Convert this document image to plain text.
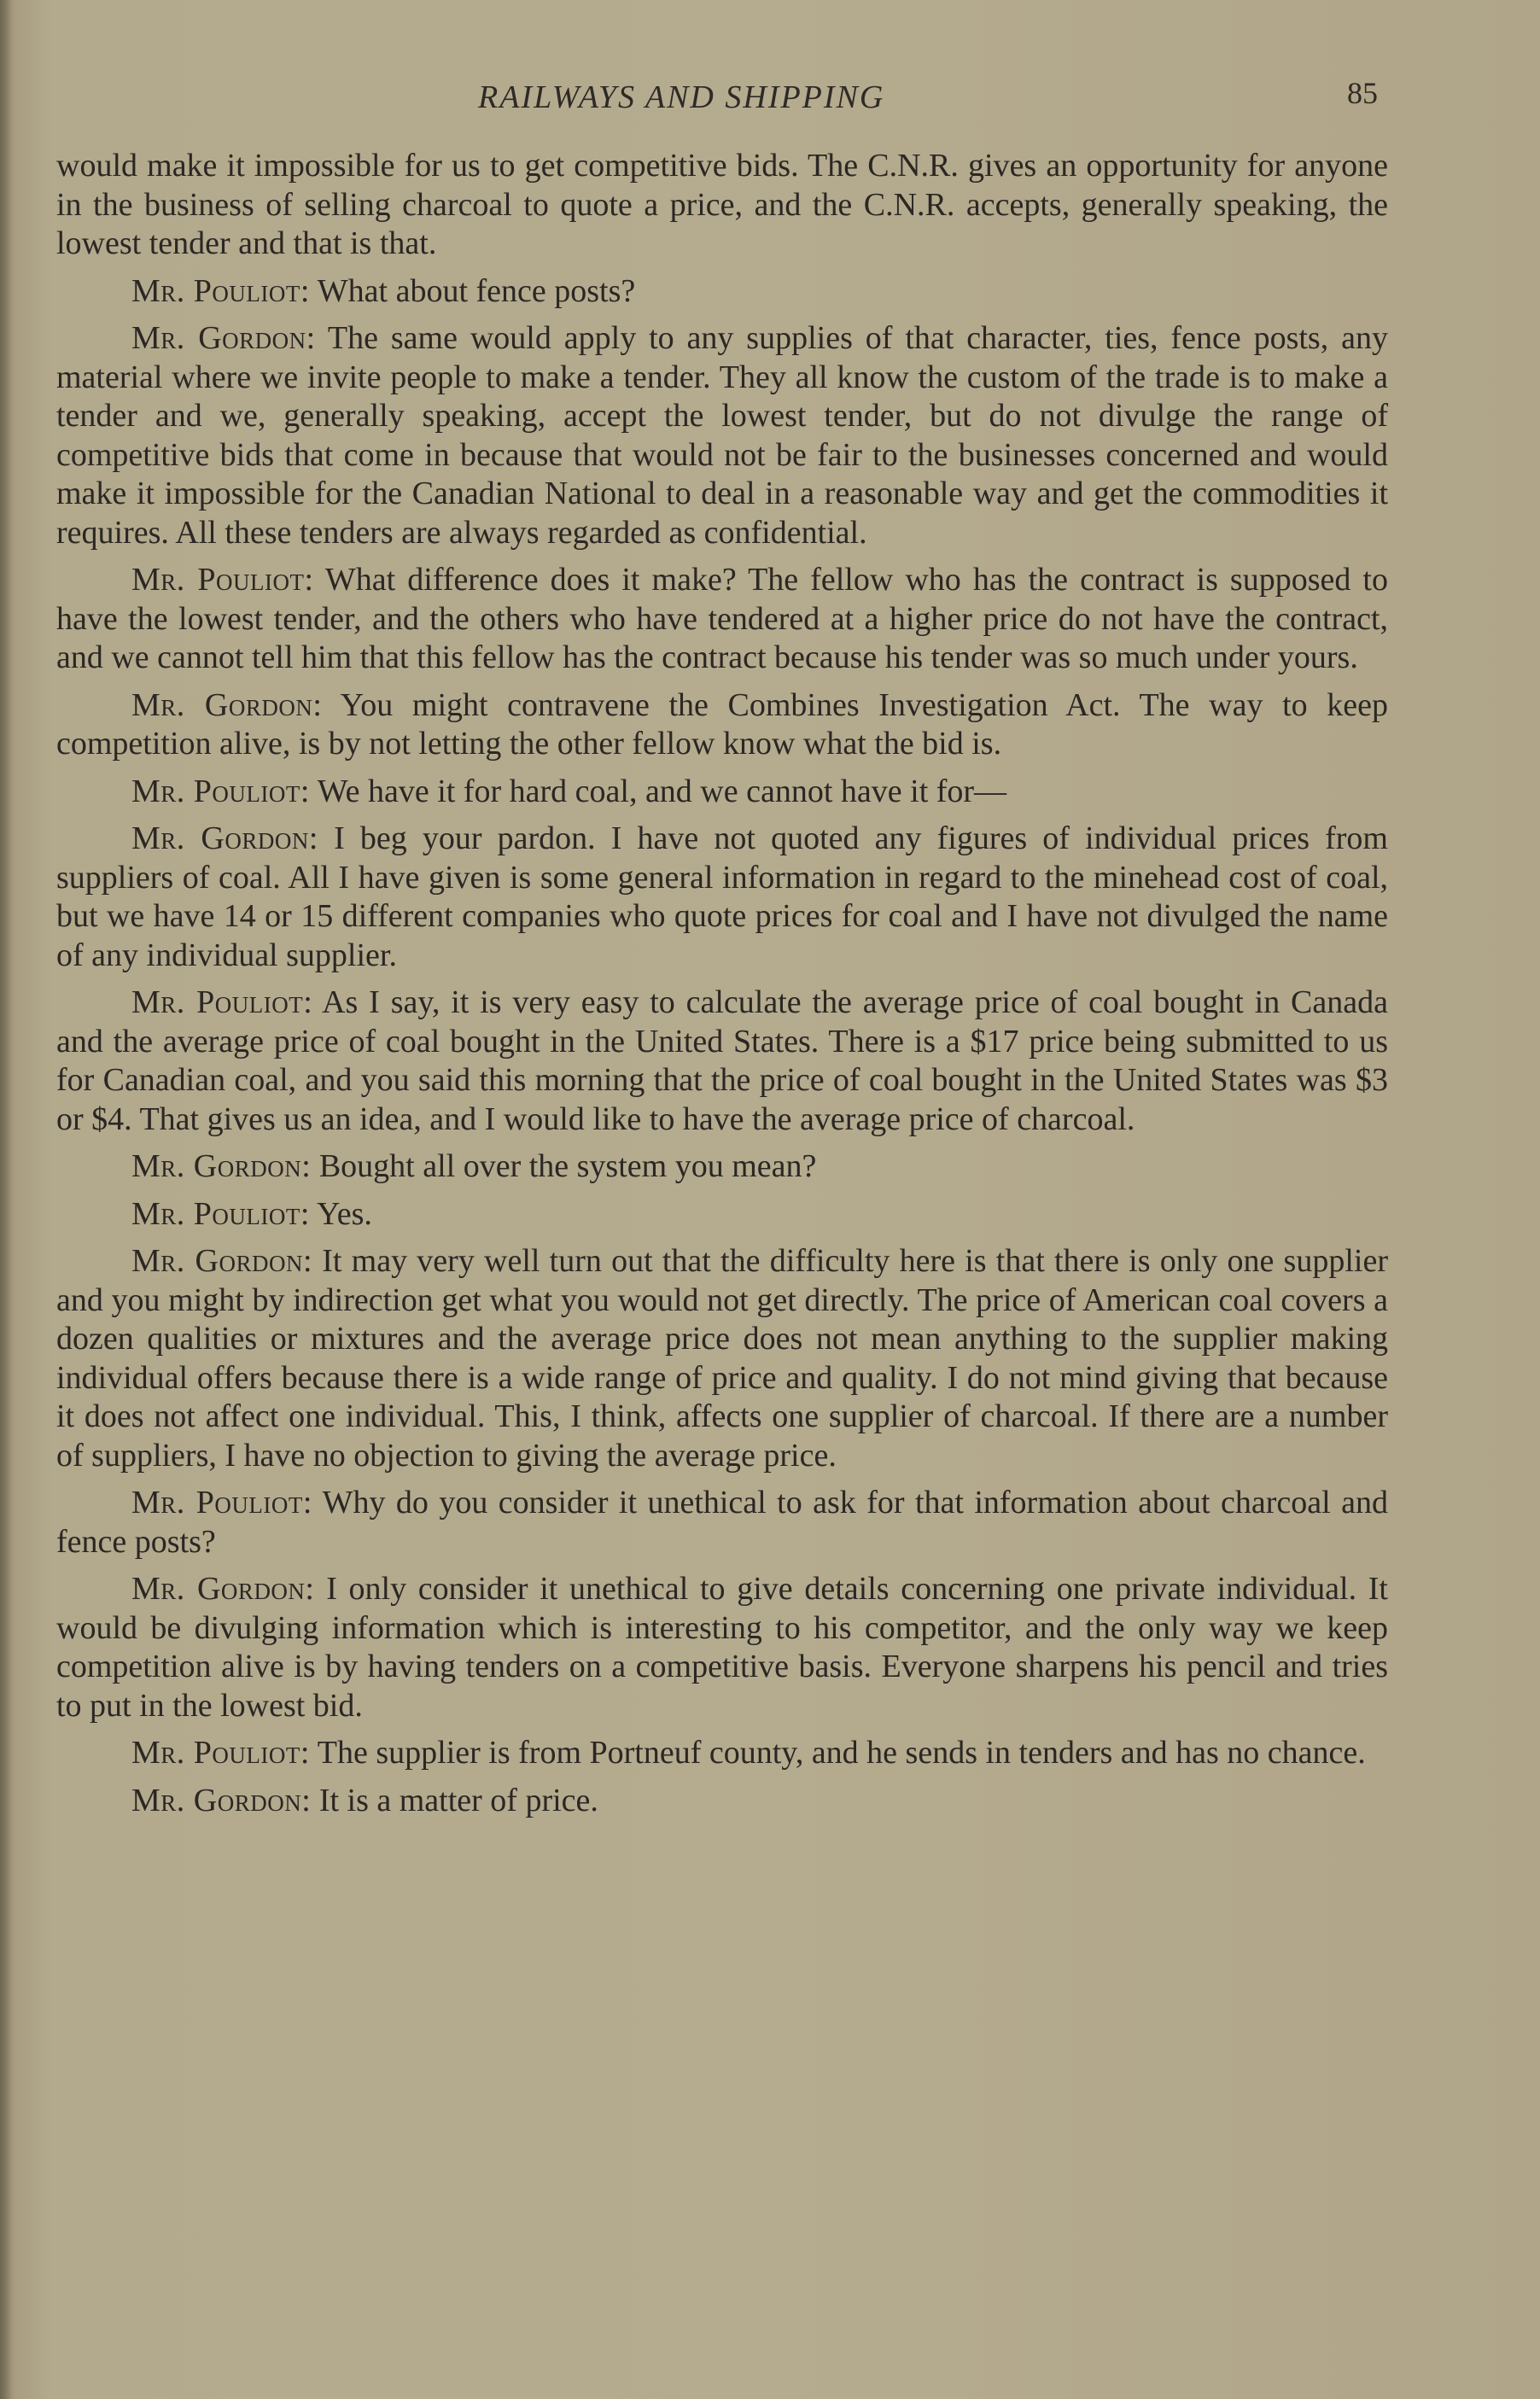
RAILWAYS AND SHIPPING	85

would make it impossible for us to get competitive bids. The C.N.R. gives an opportunity for anyone in the business of selling charcoal to quote a price, and the C.N.R. accepts, generally speaking, the lowest tender and that is that.

Mr. Pouliot: What about fence posts?

Mr. Gordon: The same would apply to any supplies of that character, ties, fence posts, any material where we invite people to make a tender. They all know the custom of the trade is to make a tender and we, generally speaking, accept the lowest tender, but do not divulge the range of competitive bids that come in because that would not be fair to the businesses concerned and would make it impossible for the Canadian National to deal in a reasonable way and get the commodities it requires. All these tenders are always regarded as confidential.

Mr. Pouliot: What difference does it make? The fellow who has the contract is supposed to have the lowest tender, and the others who have tendered at a higher price do not have the contract, and we cannot tell him that this fellow has the contract because his tender was so much under yours.

Mr. Gordon: You might contravene the Combines Investigation Act. The way to keep competition alive, is by not letting the other fellow know what the bid is.

Mr. Pouliot: We have it for hard coal, and we cannot have it for—

Mr. Gordon: I beg your pardon. I have not quoted any figures of individual prices from suppliers of coal. All I have given is some general information in regard to the minehead cost of coal, but we have 14 or 15 different companies who quote prices for coal and I have not divulged the name of any individual supplier.

Mr. Pouliot: As I say, it is very easy to calculate the average price of coal bought in Canada and the average price of coal bought in the United States. There is a $17 price being submitted to us for Canadian coal, and you said this morning that the price of coal bought in the United States was $3 or $4. That gives us an idea, and I would like to have the average price of charcoal.

Mr. Gordon: Bought all over the system you mean?

Mr. Pouliot: Yes.

Mr. Gordon: It may very well turn out that the difficulty here is that there is only one supplier and you might by indirection get what you would not get directly. The price of American coal covers a dozen qualities or mixtures and the average price does not mean anything to the supplier making individual offers because there is a wide range of price and quality. I do not mind giving that because it does not affect one individual. This, I think, affects one supplier of charcoal. If there are a number of suppliers, I have no objection to giving the average price.

Mr. Pouliot: Why do you consider it unethical to ask for that information about charcoal and fence posts?

Mr. Gordon: I only consider it unethical to give details concerning one private individual. It would be divulging information which is interesting to his competitor, and the only way we keep competition alive is by having tenders on a competitive basis. Everyone sharpens his pencil and tries to put in the lowest bid.

Mr. Pouliot: The supplier is from Portneuf county, and he sends in tenders and has no chance.

Mr. Gordon: It is a matter of price.
